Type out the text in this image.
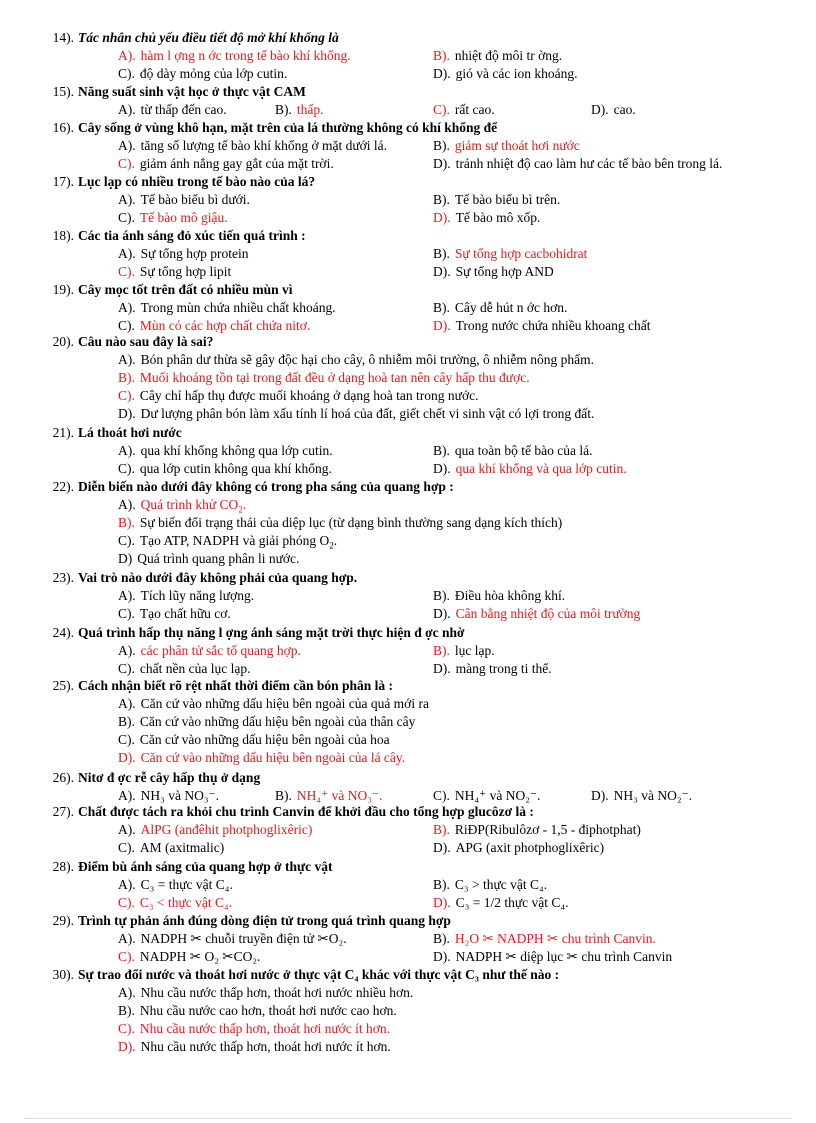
14). Tác nhân chủ yếu điều tiết độ mở khí khổng là
A). hàm l ợng n ớc trong tế bào khí khổng.	B). nhiệt độ môi tr ờng.
C). độ dày mỏng của lớp cutin.	D). gió và các ion khoáng.
15). Năng suất sinh vật học ở thực vật CAM
A). từ thấp đến cao.	B). thấp.	C). rất cao.	D). cao.
16). Cây sống ở vùng khô hạn, mặt trên của lá thường không có khí khổng để
A). tăng số lượng tế bào khí khổng ở mặt dưới lá.	B). giảm sự thoát hơi nước
C). giảm ánh nắng gay gắt của mặt trời.	D). tránh nhiệt độ cao làm hư các tế bào bên trong lá.
17). Lục lạp có nhiều trong tế bào nào của lá?
A). Tế bào biểu bì dưới.	B). Tế bào biểu bì trên.
C). Tế bào mô giậu.	D). Tế bào mô xốp.
18). Các tia ánh sáng đỏ xúc tiến quá trình :
A). Sự tổng hợp protein	B). Sự tổng hợp cacbohidrat
C). Sự tổng hợp lipit	D). Sự tổng hợp AND
19). Cây mọc tốt trên đất có nhiều mùn vì
A). Trong mùn chứa nhiều chất khoáng.	B). Cây dễ hút n ớc hơn.
C). Mùn có các hợp chất chứa nitơ.	D). Trong nước chứa nhiều khoang chất
20). Câu nào sau đây là sai?
A). Bón phân dư thừa sẽ gây độc hại cho cây, ô nhiễm môi trường, ô nhiễm nông phẩm.
B). Muối khoáng tồn tại trong đất đều ở dạng hoà tan nên cây hấp thu được.
C). Cây chỉ hấp thụ được muối khoáng ở dạng hoà tan trong nước.
D). Dư lượng phân bón làm xấu tính lí hoá của đất, giết chết vi sinh vật có lợi trong đất.
21). Lá thoát hơi nước
A). qua khí khổng không qua lớp cutin.	B). qua toàn bộ tế bào của lá.
C). qua lớp cutin không qua khí khổng.	D). qua khí khổng và qua lớp cutin.
22). Diễn biến nào dưới đây không có trong pha sáng của quang hợp :
A). Quá trình khử $CO_2$.
B). Sự biến đổi trạng thái của diệp lục (từ dạng bình thường sang dạng kích thích)
C). Tạo ATP, NADPH và giải phóng $O_2$.
D) Quá trình quang phân li nước.
23). Vai trò nào dưới đây không phải của quang hợp.
A). Tích lũy năng lượng.	B). Điều hòa không khí.
C). Tạo chất hữu cơ.	D). Cân bằng nhiệt độ của môi trường
24). Quá trình hấp thụ năng l ợng ánh sáng mặt trời thực hiện đ ợc nhờ
A). các phân tử sắc tố quang hợp.	B). lục lạp.
C). chất nền của lục lạp.	D). màng trong ti thể.
25). Cách nhận biết rõ rệt nhất thời điểm cần bón phân là :
A). Căn cứ vào những dấu hiệu bên ngoài của quả mới ra
B). Căn cứ vào những dấu hiệu bên ngoài của thân cây
C). Căn cứ vào những dấu hiệu bên ngoài của hoa
D). Căn cứ vào những dấu hiệu bên ngoài của lá cây.
26). Nitơ đ ợc rễ cây hấp thụ ở dạng
A). NH₃ và NO₃⁻.	B). NH₄⁺ và NO₃⁻.	C). NH₄⁺ và NO₂⁻.	D). NH₃ và NO₂⁻.
27). Chất được tách ra khỏi chu trình Canvin để khởi đầu cho tổng hợp glucôzơ là :
A). AlPG (anđêhit photphoglixêric)	B). RiĐP(Ribulôzơ - 1,5 - điphotphat)
C). AM (axitmalic)	D). APG (axit photphoglixêric)
28). Điểm bù ánh sáng của quang hợp ở thực vật
A). C₃ = thực vật C₄.	B). C₃ > thực vật C₄.
C). C₃ < thực vật C₄.	D). C₃ = 1/2 thực vật C₄.
29). Trình tự phản ánh đúng dòng điện tử trong quá trình quang hợp
A). NADPH ✂ chuỗi truyền điện tử ✂O₂.	B). H₂O ✂ NADPH ✂ chu trình Canvin.
C). NADPH ✂ O₂ ✂CO₂.	D). NADPH ✂ diệp lục ✂ chu trình Canvin
30). Sự trao đổi nước và thoát hơi nước ở thực vật C₄ khác với thực vật C₃ như thế nào :
A). Nhu cầu nước thấp hơn, thoát hơi nước nhiều hơn.
B). Nhu cầu nước cao hơn, thoát hơi nước cao hơn.
C). Nhu cầu nước thấp hơn, thoát hơi nước ít hơn.
D). Nhu cầu nước thấp hơn, thoát hơi nước ít hơn.
